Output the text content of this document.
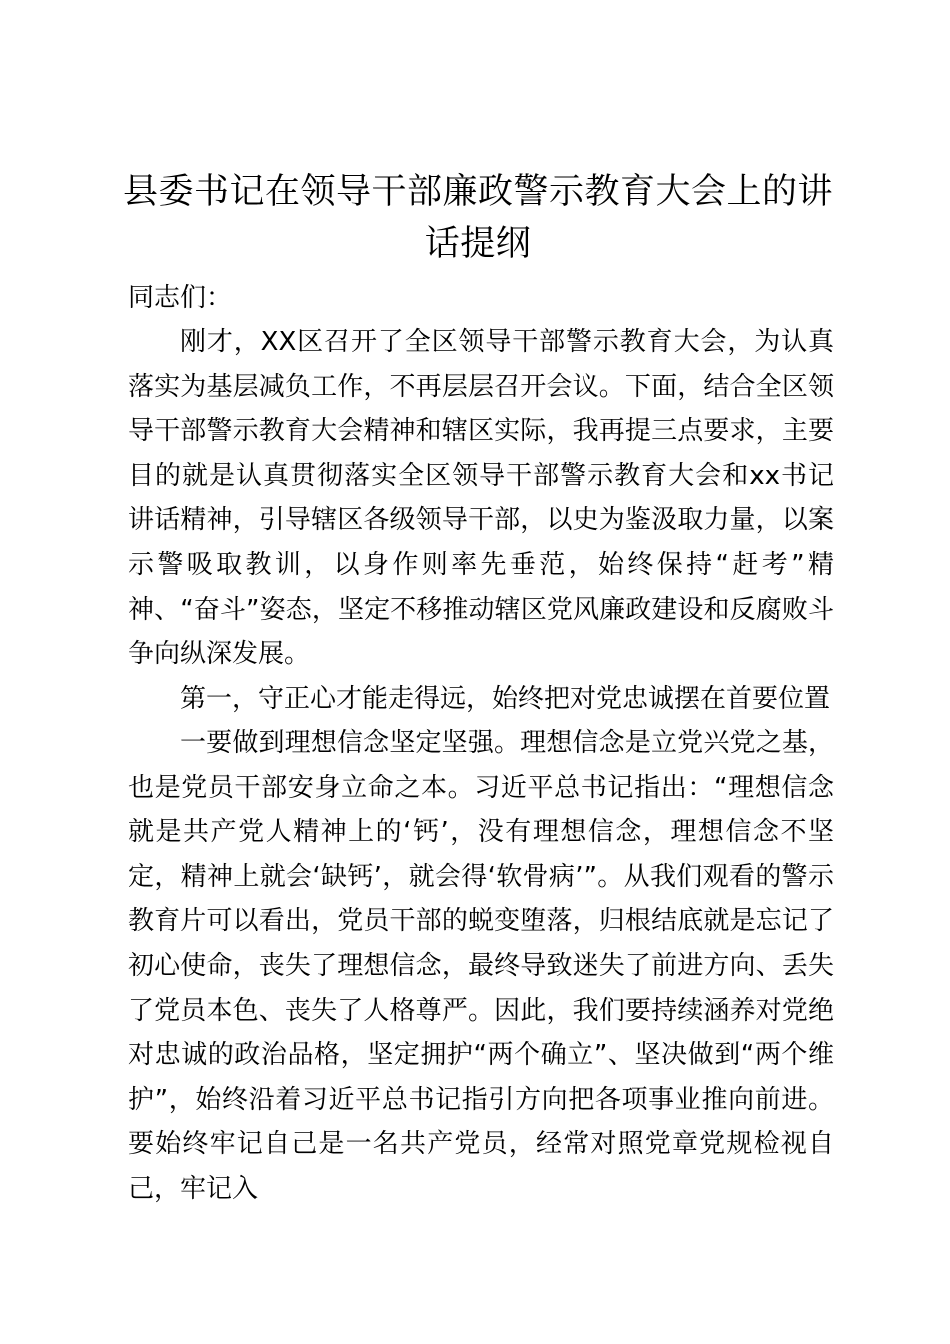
县委书记在领导干部廉政警示教育大会上的讲话提纲

同志们：

刚才，XX区召开了全区领导干部警示教育大会，为认真落实为基层减负工作，不再层层召开会议。下面，结合全区领导干部警示教育大会精神和辖区实际，我再提三点要求，主要目的就是认真贯彻落实全区领导干部警示教育大会和xx书记讲话精神，引导辖区各级领导干部，以史为鉴汲取力量，以案示警吸取教训，以身作则率先垂范，始终保持“赶考”精神、“奋斗”姿态，坚定不移推动辖区党风廉政建设和反腐败斗争向纵深发展。

第一，守正心才能走得远，始终把对党忠诚摆在首要位置

一要做到理想信念坚定坚强。理想信念是立党兴党之基，也是党员干部安身立命之本。习近平总书记指出：“理想信念就是共产党人精神上的‘钙’，没有理想信念，理想信念不坚定，精神上就会‘缺钙’，就会得‘软骨病’”。从我们观看的警示教育片可以看出，党员干部的蜕变堕落，归根结底就是忘记了初心使命，丧失了理想信念，最终导致迷失了前进方向、丢失了党员本色、丧失了人格尊严。因此，我们要持续涵养对党绝对忠诚的政治品格，坚定拥护“两个确立”、坚决做到“两个维护”，始终沿着习近平总书记指引方向把各项事业推向前进。要始终牢记自己是一名共产党员，经常对照党章党规检视自己，牢记入
